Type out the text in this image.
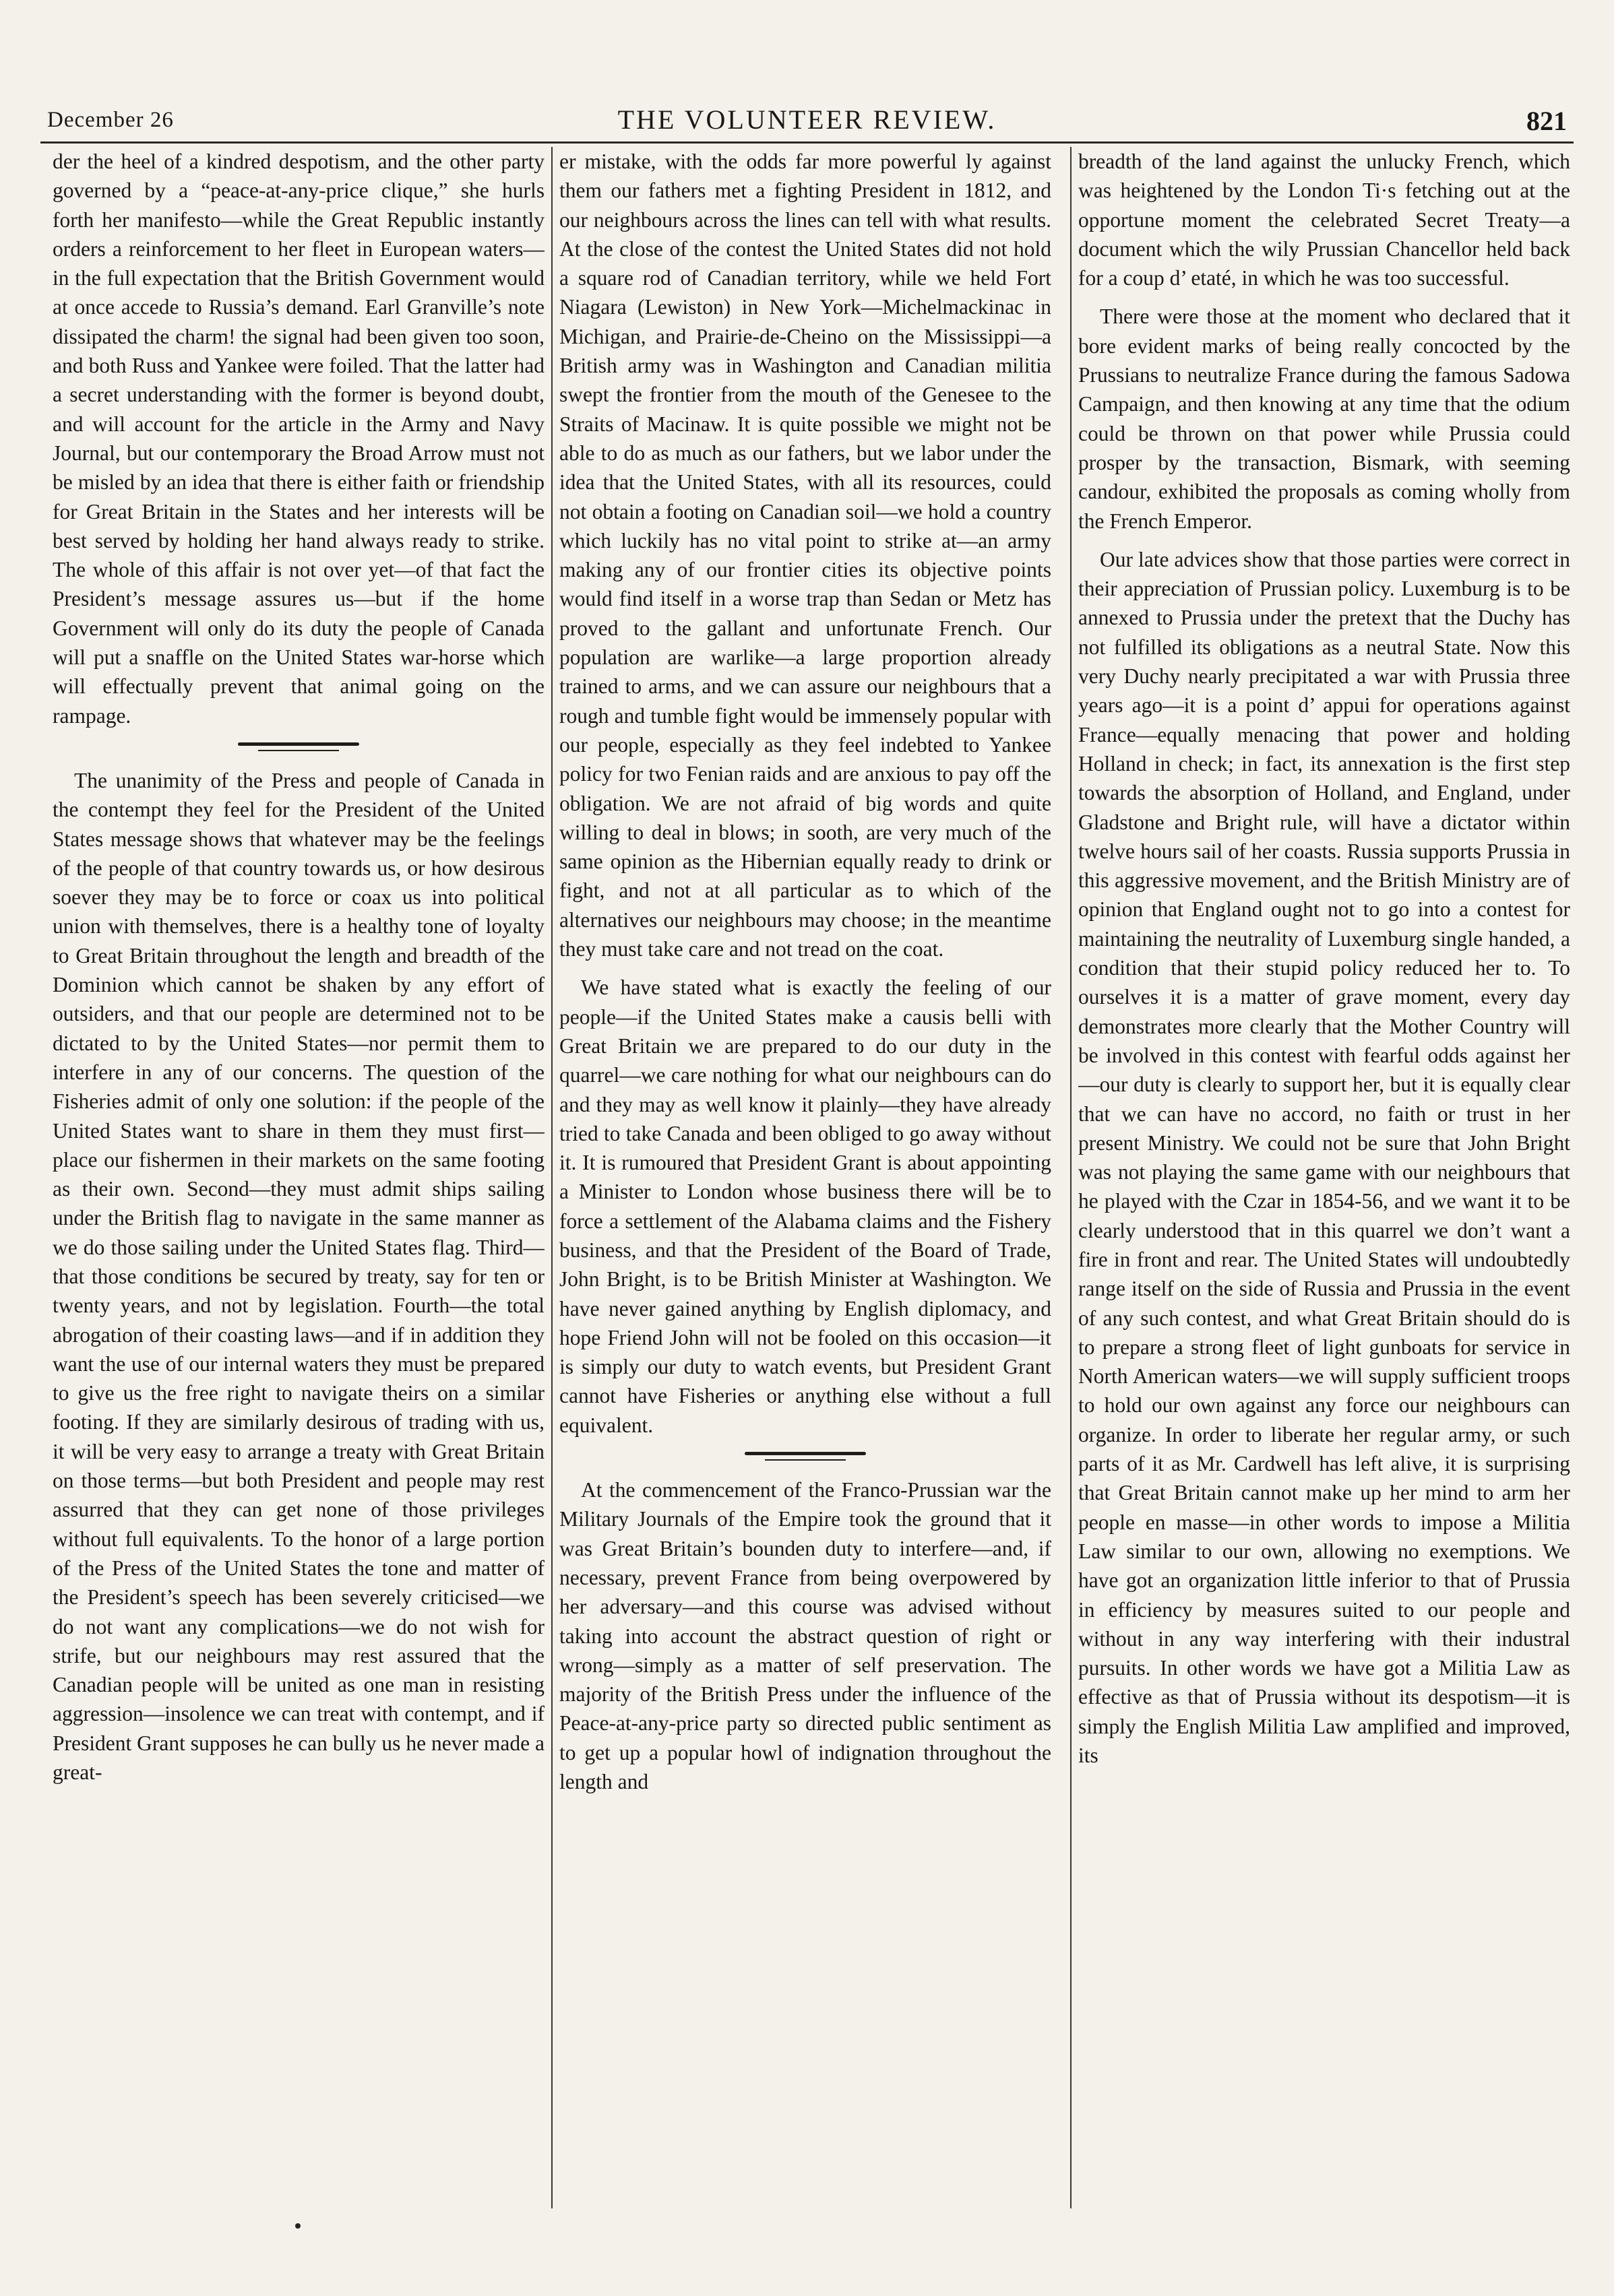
December 26	THE VOLUNTEER REVIEW.	821

der the heel of a kindred despotism, and the other party governed by a “peace-at-any-price clique,” she hurls forth her manifesto—while the Great Republic instantly orders a reinforcement to her fleet in European waters—in the full expectation that the British Government would at once accede to Russia’s demand. Earl Granville’s note dissipated the charm! the signal had been given too soon, and both Russ and Yankee were foiled. That the latter had a secret understanding with the former is beyond doubt, and will account for the article in the Army and Navy Journal, but our contemporary the Broad Arrow must not be misled by an idea that there is either faith or friendship for Great Britain in the States and her interests will be best served by holding her hand always ready to strike. The whole of this affair is not over yet—of that fact the President’s message assures us—but if the home Government will only do its duty the people of Canada will put a snaffle on the United States war-horse which will effectually prevent that animal going on the rampage.

The unanimity of the Press and people of Canada in the contempt they feel for the President of the United States message shows that whatever may be the feelings of the people of that country towards us, or how desirous soever they may be to force or coax us into political union with themselves, there is a healthy tone of loyalty to Great Britain throughout the length and breadth of the Dominion which cannot be shaken by any effort of outsiders, and that our people are determined not to be dictated to by the United States—nor permit them to interfere in any of our concerns. The question of the Fisheries admit of only one solution: if the people of the United States want to share in them they must first—place our fishermen in their markets on the same footing as their own. Second—they must admit ships sailing under the British flag to navigate in the same manner as we do those sailing under the United States flag. Third—that those conditions be secured by treaty, say for ten or twenty years, and not by legislation. Fourth—the total abrogation of their coasting laws—and if in addition they want the use of our internal waters they must be prepared to give us the free right to navigate theirs on a similar footing. If they are similarly desirous of trading with us, it will be very easy to arrange a treaty with Great Britain on those terms—but both President and people may rest assurred that they can get none of those privileges without full equivalents. To the honor of a large portion of the Press of the United States the tone and matter of the President’s speech has been severely criticised—we do not want any complications—we do not wish for strife, but our neighbours may rest assured that the Canadian people will be united as one man in resisting aggression—insolence we can treat with contempt, and if President Grant supposes he can bully us he never made a great-

er mistake, with the odds far more powerful ly against them our fathers met a fighting President in 1812, and our neighbours across the lines can tell with what results. At the close of the contest the United States did not hold a square rod of Canadian territory, while we held Fort Niagara (Lewiston) in New York—Michelmackinac in Michigan, and Prairie-de-Cheino on the Mississippi—a British army was in Washington and Canadian militia swept the frontier from the mouth of the Genesee to the Straits of Macinaw. It is quite possible we might not be able to do as much as our fathers, but we labor under the idea that the United States, with all its resources, could not obtain a footing on Canadian soil—we hold a country which luckily has no vital point to strike at—an army making any of our frontier cities its objective points would find itself in a worse trap than Sedan or Metz has proved to the gallant and unfortunate French. Our population are warlike—a large proportion already trained to arms, and we can assure our neighbours that a rough and tumble fight would be immensely popular with our people, especially as they feel indebted to Yankee policy for two Fenian raids and are anxious to pay off the obligation. We are not afraid of big words and quite willing to deal in blows; in sooth, are very much of the same opinion as the Hibernian equally ready to drink or fight, and not at all particular as to which of the alternatives our neighbours may choose; in the meantime they must take care and not tread on the coat.

We have stated what is exactly the feeling of our people—if the United States make a causis belli with Great Britain we are prepared to do our duty in the quarrel—we care nothing for what our neighbours can do and they may as well know it plainly—they have already tried to take Canada and been obliged to go away without it. It is rumoured that President Grant is about appointing a Minister to London whose business there will be to force a settlement of the Alabama claims and the Fishery business, and that the President of the Board of Trade, John Bright, is to be British Minister at Washington. We have never gained anything by English diplomacy, and hope Friend John will not be fooled on this occasion—it is simply our duty to watch events, but President Grant cannot have Fisheries or anything else without a full equivalent.

At the commencement of the Franco-Prussian war the Military Journals of the Empire took the ground that it was Great Britain’s bounden duty to interfere—and, if necessary, prevent France from being overpowered by her adversary—and this course was advised without taking into account the abstract question of right or wrong—simply as a matter of self preservation. The majority of the British Press under the influence of the Peace-at-any-price party so directed public sentiment as to get up a popular howl of indignation throughout the length and

breadth of the land against the unlucky French, which was heightened by the London Ti·s fetching out at the opportune moment the celebrated Secret Treaty—a document which the wily Prussian Chancellor held back for a coup d’ etaté, in which he was too successful.

There were those at the moment who declared that it bore evident marks of being really concocted by the Prussians to neutralize France during the famous Sadowa Campaign, and then knowing at any time that the odium could be thrown on that power while Prussia could prosper by the transaction, Bismark, with seeming candour, exhibited the proposals as coming wholly from the French Emperor.

Our late advices show that those parties were correct in their appreciation of Prussian policy. Luxemburg is to be annexed to Prussia under the pretext that the Duchy has not fulfilled its obligations as a neutral State. Now this very Duchy nearly precipitated a war with Prussia three years ago—it is a point d’ appui for operations against France—equally menacing that power and holding Holland in check; in fact, its annexation is the first step towards the absorption of Holland, and England, under Gladstone and Bright rule, will have a dictator within twelve hours sail of her coasts. Russia supports Prussia in this aggressive movement, and the British Ministry are of opinion that England ought not to go into a contest for maintaining the neutrality of Luxemburg single handed, a condition that their stupid policy reduced her to. To ourselves it is a matter of grave moment, every day demonstrates more clearly that the Mother Country will be involved in this contest with fearful odds against her—our duty is clearly to support her, but it is equally clear that we can have no accord, no faith or trust in her present Ministry. We could not be sure that John Bright was not playing the same game with our neighbours that he played with the Czar in 1854-56, and we want it to be clearly understood that in this quarrel we don’t want a fire in front and rear. The United States will undoubtedly range itself on the side of Russia and Prussia in the event of any such contest, and what Great Britain should do is to prepare a strong fleet of light gunboats for service in North American waters—we will supply sufficient troops to hold our own against any force our neighbours can organize. In order to liberate her regular army, or such parts of it as Mr. Cardwell has left alive, it is surprising that Great Britain cannot make up her mind to arm her people en masse—in other words to impose a Militia Law similar to our own, allowing no exemptions. We have got an organization little inferior to that of Prussia in efficiency by measures suited to our people and without in any way interfering with their industral pursuits. In other words we have got a Militia Law as effective as that of Prussia without its despotism—it is simply the English Militia Law amplified and improved, its
